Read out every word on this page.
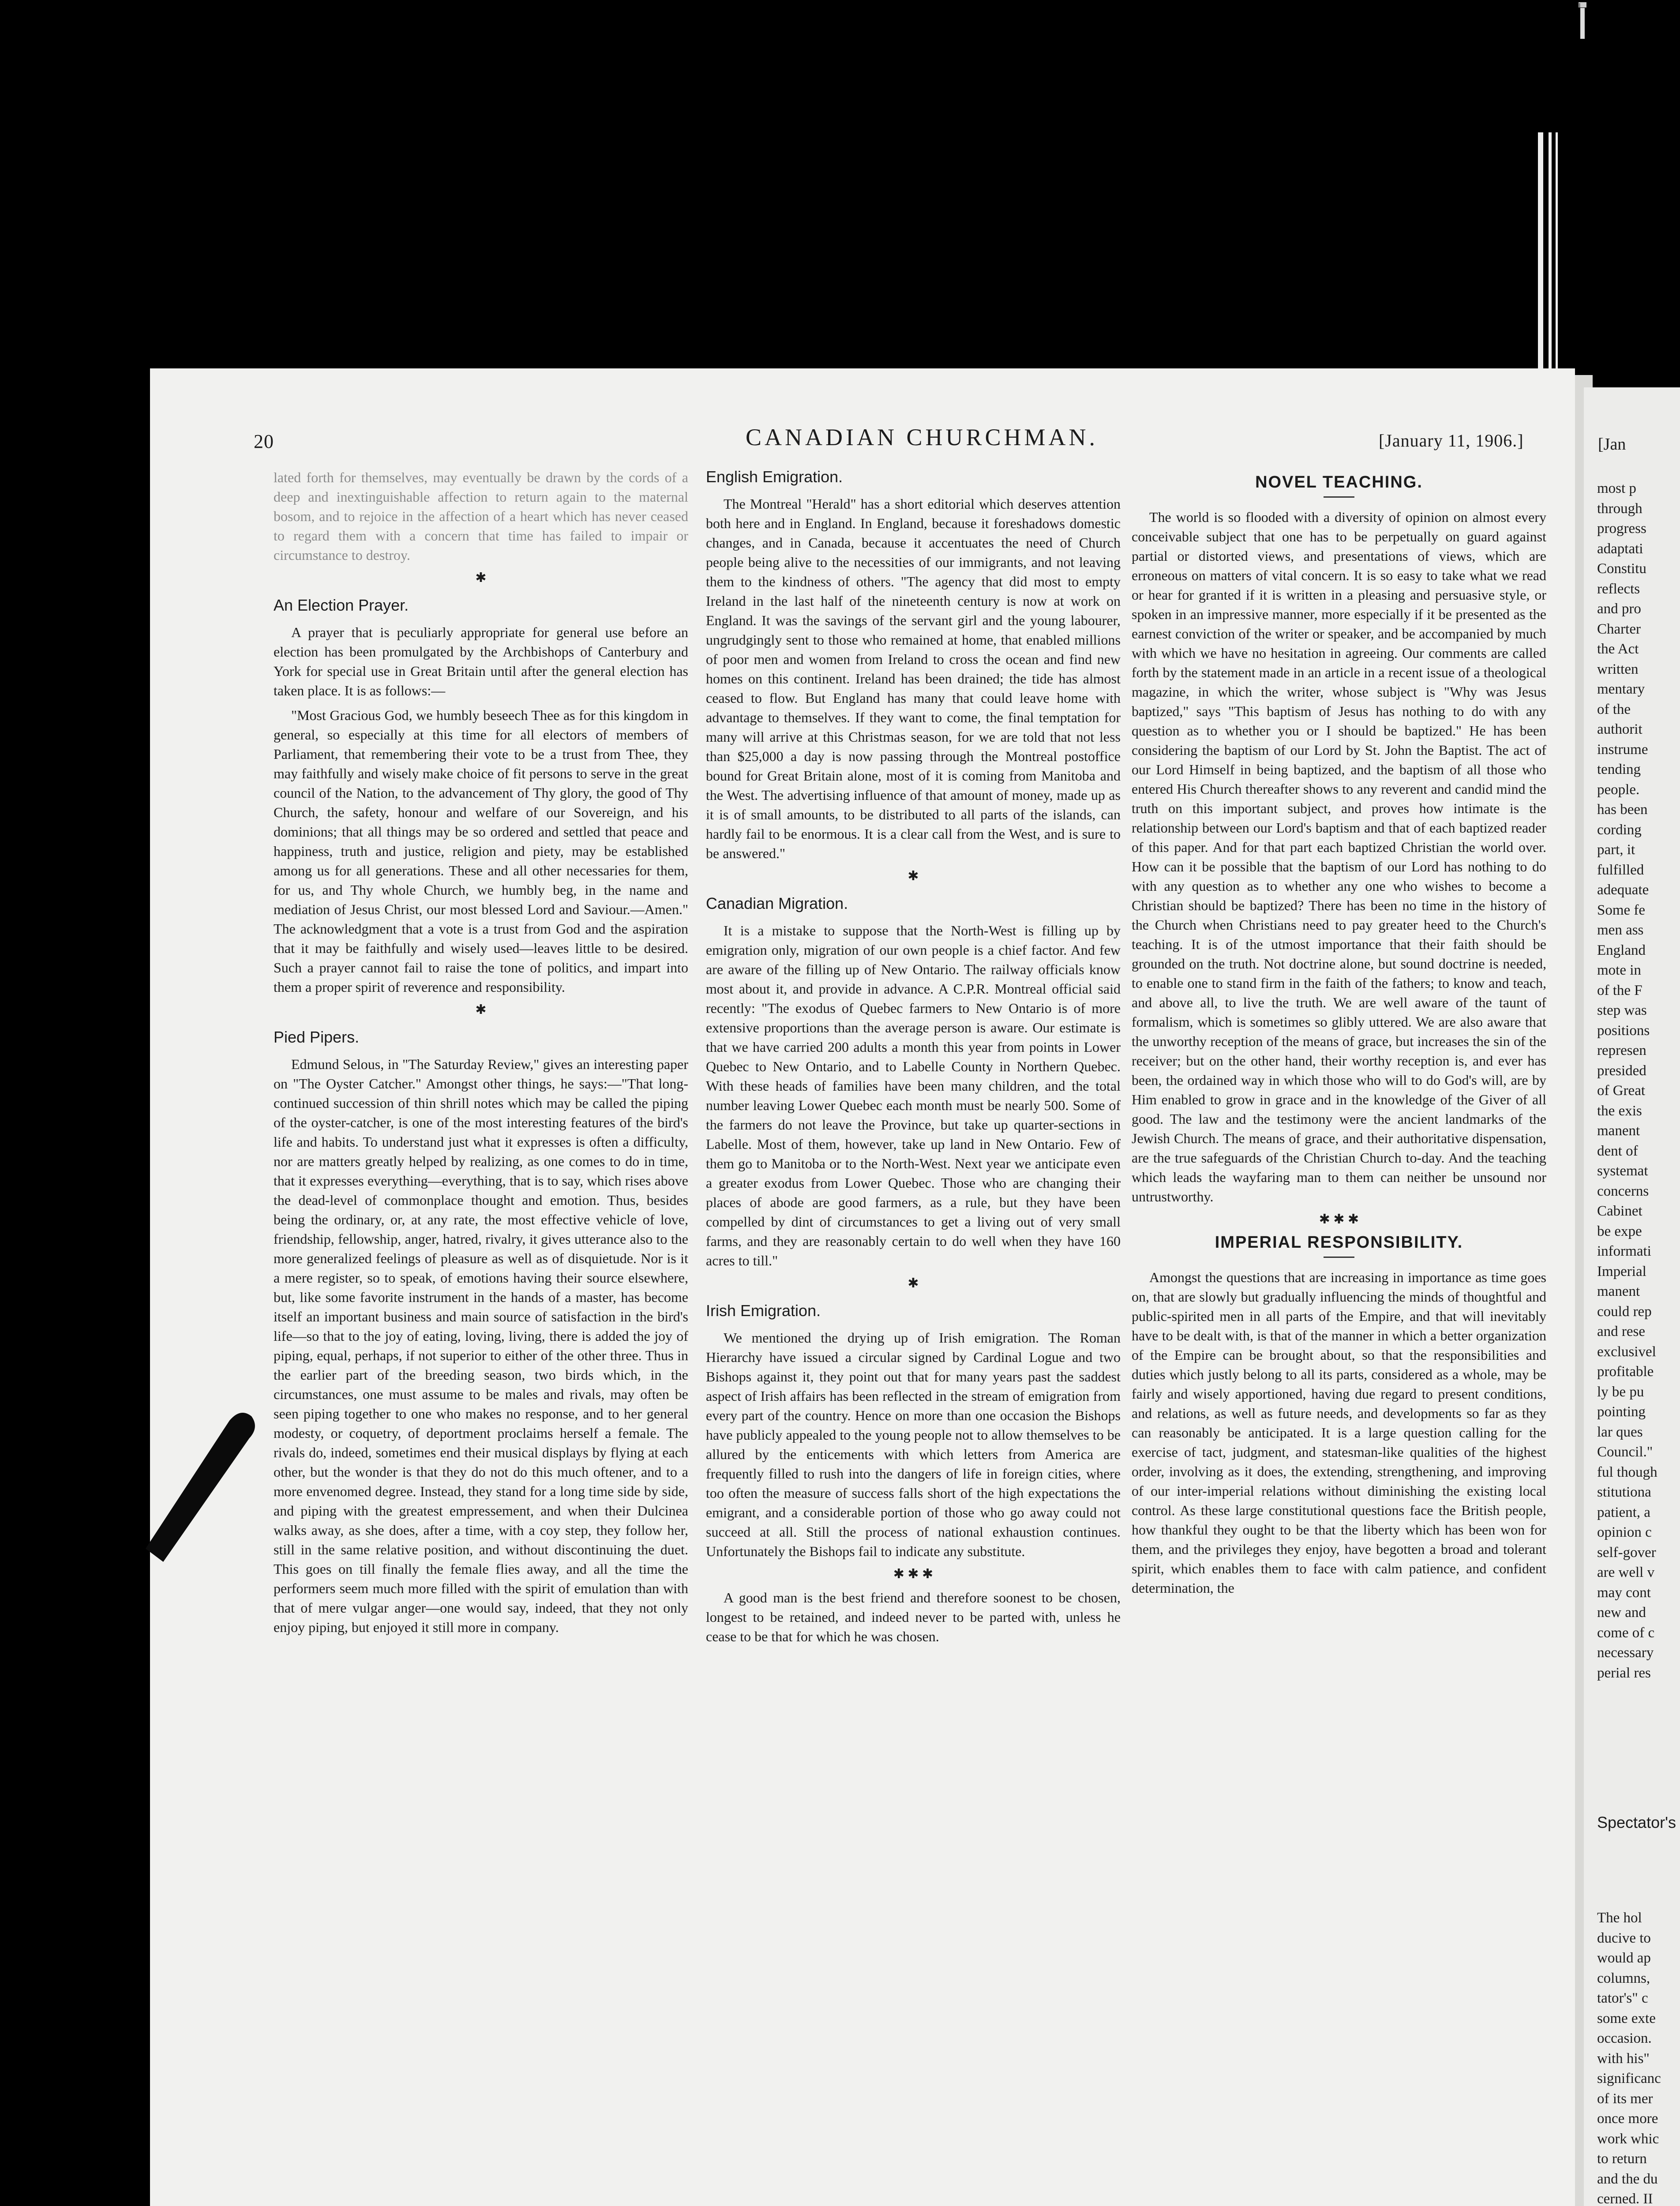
‖
20	CANADIAN CHURCHMAN.	[January 11, 1906.]

lated forth for themselves, may eventually be drawn by the cords of a deep and inextinguishable affection to return again to the maternal bosom, and to rejoice in the affection of a heart which has never ceased to regard them with a concern that time has failed to impair or circumstance to destroy.

✱
An Election Prayer.

A prayer that is peculiarly appropriate for general use before an election has been promulgated by the Archbishops of Canterbury and York for special use in Great Britain until after the general election has taken place. It is as follows:—

"Most Gracious God, we humbly beseech Thee as for this kingdom in general, so especially at this time for all electors of members of Parliament, that remembering their vote to be a trust from Thee, they may faithfully and wisely make choice of fit persons to serve in the great council of the Nation, to the advancement of Thy glory, the good of Thy Church, the safety, honour and welfare of our Sovereign, and his dominions; that all things may be so ordered and settled that peace and happiness, truth and justice, religion and piety, may be established among us for all generations. These and all other necessaries for them, for us, and Thy whole Church, we humbly beg, in the name and mediation of Jesus Christ, our most blessed Lord and Saviour.—Amen." The acknowledgment that a vote is a trust from God and the aspiration that it may be faithfully and wisely used—leaves little to be desired. Such a prayer cannot fail to raise the tone of politics, and impart into them a proper spirit of reverence and responsibility.

✱
Pied Pipers.

Edmund Selous, in "The Saturday Review," gives an interesting paper on "The Oyster Catcher." Amongst other things, he says:—"That long-continued succession of thin shrill notes which may be called the piping of the oyster-catcher, is one of the most interesting features of the bird's life and habits. To understand just what it expresses is often a difficulty, nor are matters greatly helped by realizing, as one comes to do in time, that it expresses everything—everything, that is to say, which rises above the dead-level of commonplace thought and emotion. Thus, besides being the ordinary, or, at any rate, the most effective vehicle of love, friendship, fellowship, anger, hatred, rivalry, it gives utterance also to the more generalized feelings of pleasure as well as of disquietude. Nor is it a mere register, so to speak, of emotions having their source elsewhere, but, like some favorite instrument in the hands of a master, has become itself an important business and main source of satisfaction in the bird's life—so that to the joy of eating, loving, living, there is added the joy of piping, equal, perhaps, if not superior to either of the other three. Thus in the earlier part of the breeding season, two birds which, in the circumstances, one must assume to be males and rivals, may often be seen piping together to one who makes no response, and to her general modesty, or coquetry, of deportment proclaims herself a female. The rivals do, indeed, sometimes end their musical displays by flying at each other, but the wonder is that they do not do this much oftener, and to a more envenomed degree. Instead, they stand for a long time side by side, and piping with the greatest empressement, and when their Dulcinea walks away, as she does, after a time, with a coy step, they follow her, still in the same relative position, and without discontinuing the duet. This goes on till finally the female flies away, and all the time the performers seem much more filled with the spirit of emulation than with that of mere vulgar anger—one would say, indeed, that they not only enjoy piping, but enjoyed it still more in company.

English Emigration.

The Montreal "Herald" has a short editorial which deserves attention both here and in England. In England, because it foreshadows domestic changes, and in Canada, because it accentuates the need of Church people being alive to the necessities of our immigrants, and not leaving them to the kindness of others. "The agency that did most to empty Ireland in the last half of the nineteenth century is now at work on England. It was the savings of the servant girl and the young labourer, ungrudgingly sent to those who remained at home, that enabled millions of poor men and women from Ireland to cross the ocean and find new homes on this continent. Ireland has been drained; the tide has almost ceased to flow. But England has many that could leave home with advantage to themselves. If they want to come, the final temptation for many will arrive at this Christmas season, for we are told that not less than $25,000 a day is now passing through the Montreal postoffice bound for Great Britain alone, most of it is coming from Manitoba and the West. The advertising influence of that amount of money, made up as it is of small amounts, to be distributed to all parts of the islands, can hardly fail to be enormous. It is a clear call from the West, and is sure to be answered."

✱
Canadian Migration.

It is a mistake to suppose that the North-West is filling up by emigration only, migration of our own people is a chief factor. And few are aware of the filling up of New Ontario. The railway officials know most about it, and provide in advance. A C.P.R. Montreal official said recently: "The exodus of Quebec farmers to New Ontario is of more extensive proportions than the average person is aware. Our estimate is that we have carried 200 adults a month this year from points in Lower Quebec to New Ontario, and to Labelle County in Northern Quebec. With these heads of families have been many children, and the total number leaving Lower Quebec each month must be nearly 500. Some of the farmers do not leave the Province, but take up quarter-sections in Labelle. Most of them, however, take up land in New Ontario. Few of them go to Manitoba or to the North-West. Next year we anticipate even a greater exodus from Lower Quebec. Those who are changing their places of abode are good farmers, as a rule, but they have been compelled by dint of circumstances to get a living out of very small farms, and they are reasonably certain to do well when they have 160 acres to till."

✱
Irish Emigration.

We mentioned the drying up of Irish emigration. The Roman Hierarchy have issued a circular signed by Cardinal Logue and two Bishops against it, they point out that for many years past the saddest aspect of Irish affairs has been reflected in the stream of emigration from every part of the country. Hence on more than one occasion the Bishops have publicly appealed to the young people not to allow themselves to be allured by the enticements with which letters from America are frequently filled to rush into the dangers of life in foreign cities, where too often the measure of success falls short of the high expectations the emigrant, and a considerable portion of those who go away could not succeed at all. Still the process of national exhaustion continues. Unfortunately the Bishops fail to indicate any substitute.

✱ ✱ ✱

A good man is the best friend and therefore soonest to be chosen, longest to be retained, and indeed never to be parted with, unless he cease to be that for which he was chosen.

NOVEL TEACHING.

The world is so flooded with a diversity of opinion on almost every conceivable subject that one has to be perpetually on guard against partial or distorted views, and presentations of views, which are erroneous on matters of vital concern. It is so easy to take what we read or hear for granted if it is written in a pleasing and persuasive style, or spoken in an impressive manner, more especially if it be presented as the earnest conviction of the writer or speaker, and be accompanied by much with which we have no hesitation in agreeing. Our comments are called forth by the statement made in an article in a recent issue of a theological magazine, in which the writer, whose subject is "Why was Jesus baptized," says "This baptism of Jesus has nothing to do with any question as to whether you or I should be baptized." He has been considering the baptism of our Lord by St. John the Baptist. The act of our Lord Himself in being baptized, and the baptism of all those who entered His Church thereafter shows to any reverent and candid mind the truth on this important subject, and proves how intimate is the relationship between our Lord's baptism and that of each baptized reader of this paper. And for that part each baptized Christian the world over. How can it be possible that the baptism of our Lord has nothing to do with any question as to whether any one who wishes to become a Christian should be baptized? There has been no time in the history of the Church when Christians need to pay greater heed to the Church's teaching. It is of the utmost importance that their faith should be grounded on the truth. Not doctrine alone, but sound doctrine is needed, to enable one to stand firm in the faith of the fathers; to know and teach, and above all, to live the truth. We are well aware of the taunt of formalism, which is sometimes so glibly uttered. We are also aware that the unworthy reception of the means of grace, but increases the sin of the receiver; but on the other hand, their worthy reception is, and ever has been, the ordained way in which those who will to do God's will, are by Him enabled to grow in grace and in the knowledge of the Giver of all good. The law and the testimony were the ancient landmarks of the Jewish Church. The means of grace, and their authoritative dispensation, are the true safeguards of the Christian Church to-day. And the teaching which leads the wayfaring man to them can neither be unsound nor untrustworthy.

✱ ✱ ✱
IMPERIAL RESPONSIBILITY.

Amongst the questions that are increasing in importance as time goes on, that are slowly but gradually influencing the minds of thoughtful and public-spirited men in all parts of the Empire, and that will inevitably have to be dealt with, is that of the manner in which a better organization of the Empire can be brought about, so that the responsibilities and duties which justly belong to all its parts, considered as a whole, may be fairly and wisely apportioned, having due regard to present conditions, and relations, as well as future needs, and developments so far as they can reasonably be anticipated. It is a large question calling for the exercise of tact, judgment, and statesman-like qualities of the highest order, involving as it does, the extending, strengthening, and improving of our inter-imperial relations without diminishing the existing local control. As these large constitutional questions face the British people, how thankful they ought to be that the liberty which has been won for them, and the privileges they enjoy, have begotten a broad and tolerant spirit, which enables them to face with calm patience, and confident determination, the

[Jan
most p
through
progress
adaptati
Constitu
reflects
and pro
Charter
the Act
written
mentary
of the
authorit
instrume
tending
people.
has been
cording
part, it
fulfilled
adequate
Some fe
men ass
England
mote in
of the F
step was
positions
represen
presided
of Great
the exis
manent
dent of
systemat
concerns
Cabinet
be expe
informati
Imperial
manent
could rep
and rese
exclusivel
profitable
ly be pu
pointing
lar ques
Council."
ful though
stitutiona
patient, a
opinion c
self-gover
are well v
may cont
new and
come of c
necessary
perial res
Spectator's
The hol
ducive to
would ap
columns,
tator's" c
some exte
occasion.
with his"
significanc
of its mer
once more
work whic
to return
and the du
cerned. II
